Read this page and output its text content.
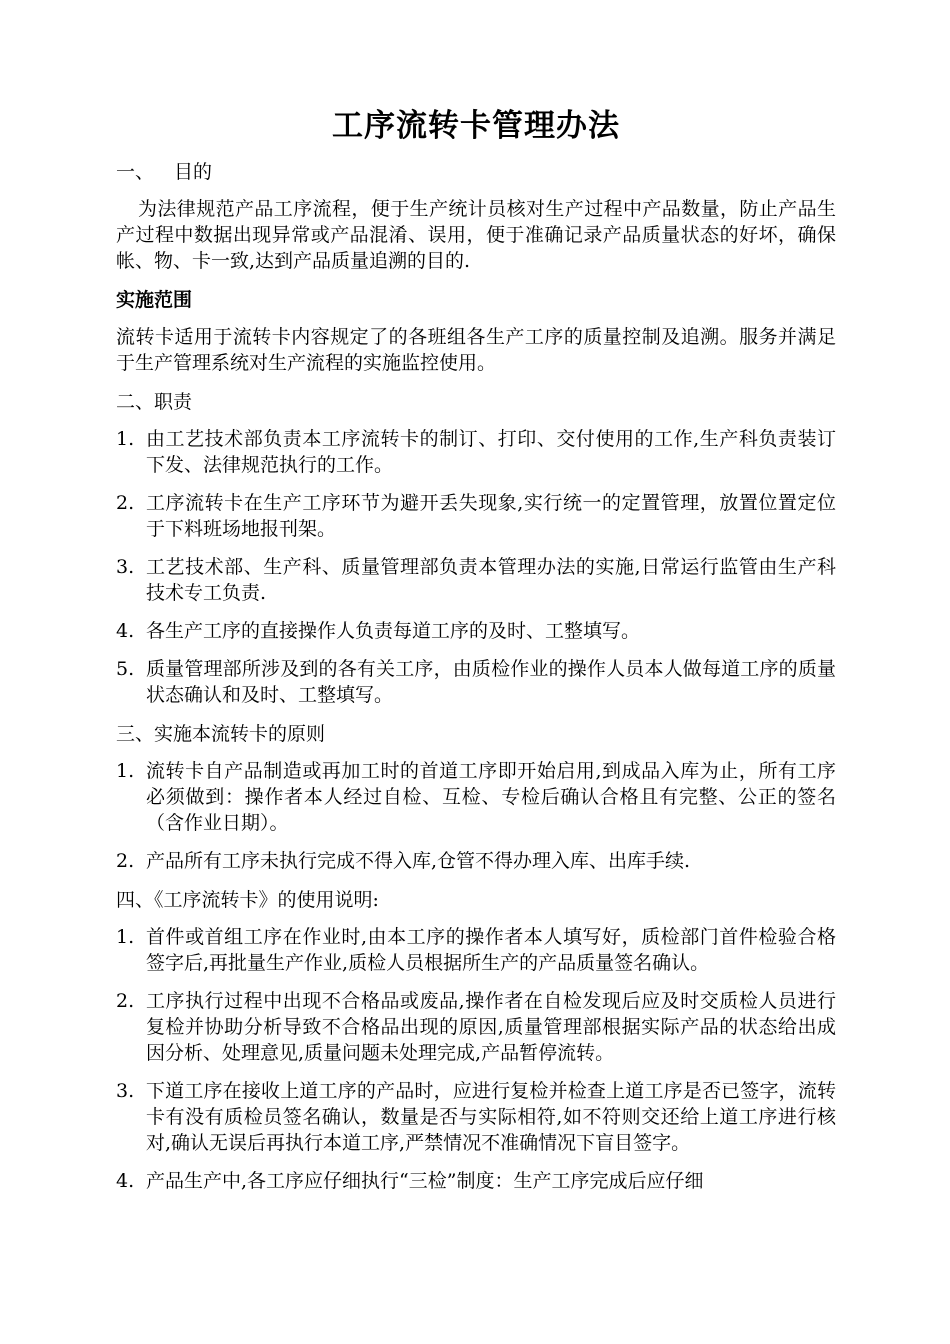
工序流转卡管理办法
一、 目的

为法律规范产品工序流程，便于生产统计员核对生产过程中产品数量，防止产品生产过程中数据出现异常或产品混淆、误用，便于准确记录产品质量状态的好坏，确保帐、物、卡一致,达到产品质量追溯的目的.

实施范围

流转卡适用于流转卡内容规定了的各班组各生产工序的质量控制及追溯。服务并满足于生产管理系统对生产流程的实施监控使用。

二、职责
1. 由工艺技术部负责本工序流转卡的制订、打印、交付使用的工作,生产科负责装订下发、法律规范执行的工作。
2. 工序流转卡在生产工序环节为避开丢失现象,实行统一的定置管理，放置位置定位于下料班场地报刊架。
3. 工艺技术部、生产科、质量管理部负责本管理办法的实施,日常运行监管由生产科技术专工负责.
4. 各生产工序的直接操作人负责每道工序的及时、工整填写。
5. 质量管理部所涉及到的各有关工序，由质检作业的操作人员本人做每道工序的质量状态确认和及时、工整填写。
三、实施本流转卡的原则
1. 流转卡自产品制造或再加工时的首道工序即开始启用,到成品入库为止，所有工序必须做到：操作者本人经过自检、互检、专检后确认合格且有完整、公正的签名（含作业日期）。
2. 产品所有工序未执行完成不得入库,仓管不得办理入库、出库手续.
四、《工序流转卡》的使用说明:
1. 首件或首组工序在作业时,由本工序的操作者本人填写好，质检部门首件检验合格签字后,再批量生产作业,质检人员根据所生产的产品质量签名确认。
2. 工序执行过程中出现不合格品或废品,操作者在自检发现后应及时交质检人员进行复检并协助分析导致不合格品出现的原因,质量管理部根据实际产品的状态给出成因分析、处理意见,质量问题未处理完成,产品暂停流转。
3. 下道工序在接收上道工序的产品时，应进行复检并检查上道工序是否已签字，流转卡有没有质检员签名确认，数量是否与实际相符,如不符则交还给上道工序进行核对,确认无误后再执行本道工序,严禁情况不准确情况下盲目签字。
4. 产品生产中,各工序应仔细执行“三检”制度：生产工序完成后应仔细
